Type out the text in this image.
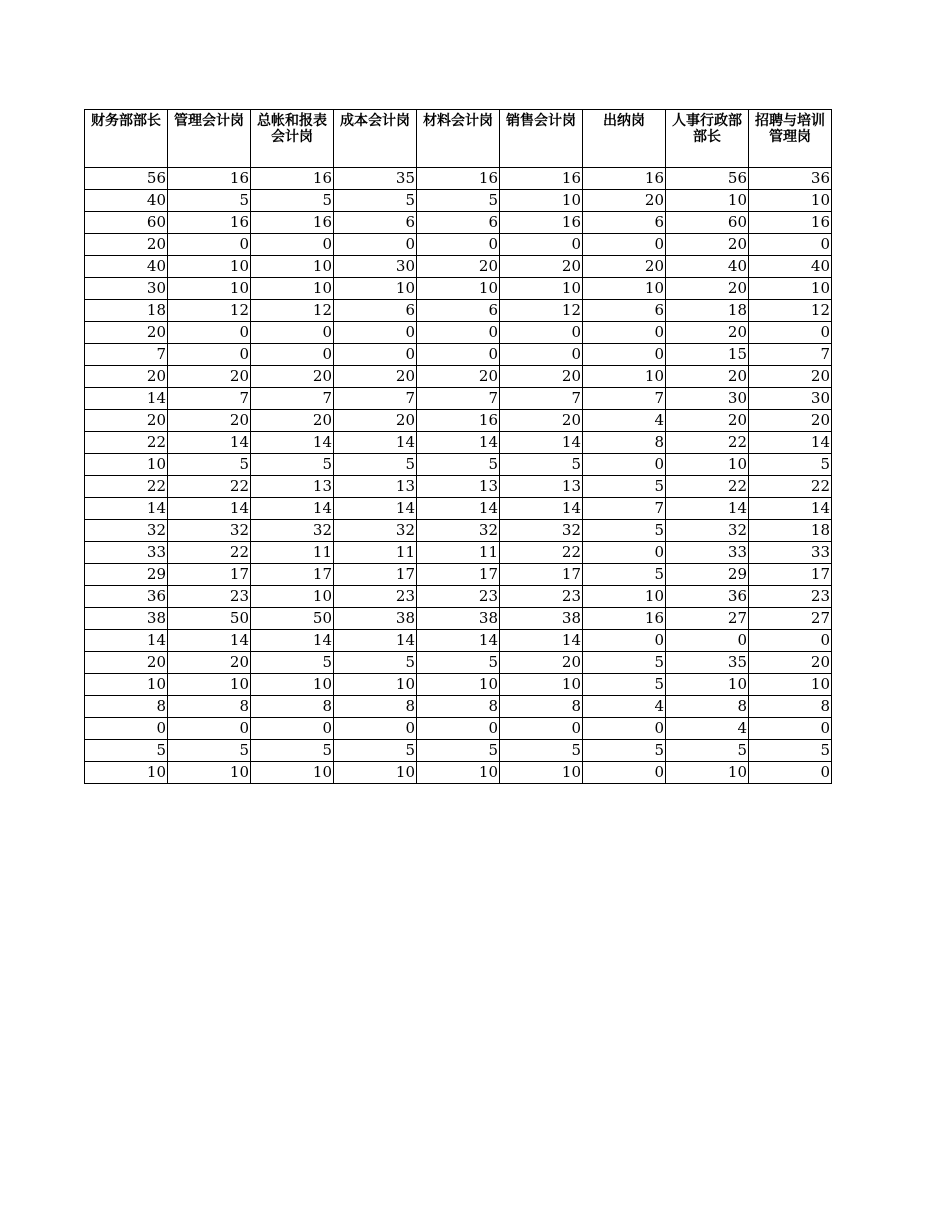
财务部部长	管理会计岗	总帐和报表会计岗	成本会计岗	材料会计岗	销售会计岗	出纳岗	人事行政部部长	招聘与培训管理岗
56	16	16	35	16	16	16	56	36
40	5	5	5	5	10	20	10	10
60	16	16	6	6	16	6	60	16
20	0	0	0	0	0	0	20	0
40	10	10	30	20	20	20	40	40
30	10	10	10	10	10	10	20	10
18	12	12	6	6	12	6	18	12
20	0	0	0	0	0	0	20	0
7	0	0	0	0	0	0	15	7
20	20	20	20	20	20	10	20	20
14	7	7	7	7	7	7	30	30
20	20	20	20	16	20	4	20	20
22	14	14	14	14	14	8	22	14
10	5	5	5	5	5	0	10	5
22	22	13	13	13	13	5	22	22
14	14	14	14	14	14	7	14	14
32	32	32	32	32	32	5	32	18
33	22	11	11	11	22	0	33	33
29	17	17	17	17	17	5	29	17
36	23	10	23	23	23	10	36	23
38	50	50	38	38	38	16	27	27
14	14	14	14	14	14	0	0	0
20	20	5	5	5	20	5	35	20
10	10	10	10	10	10	5	10	10
8	8	8	8	8	8	4	8	8
0	0	0	0	0	0	0	4	0
5	5	5	5	5	5	5	5	5
10	10	10	10	10	10	0	10	0
